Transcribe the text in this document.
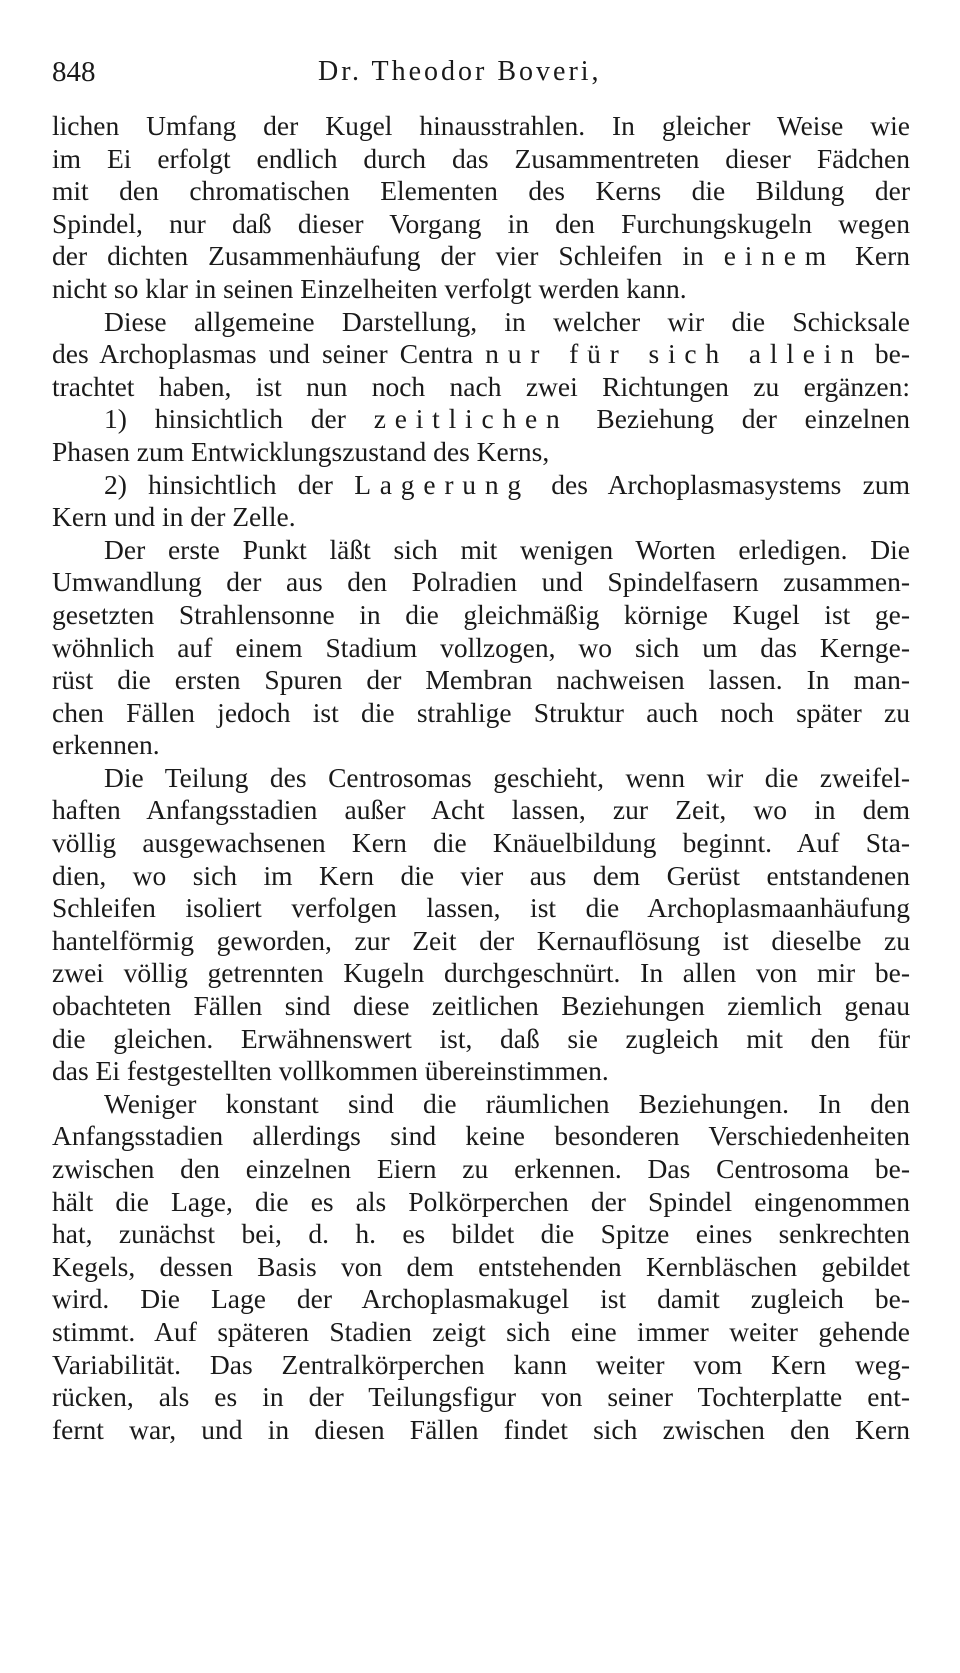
848	Dr. Theodor Boveri,
lichen Umfang der Kugel hinausstrahlen. In gleicher Weise wie
im Ei erfolgt endlich durch das Zusammentreten dieser Fädchen
mit den chromatischen Elementen des Kerns die Bildung der
Spindel, nur daß dieser Vorgang in den Furchungskugeln wegen
der dichten Zusammenhäufung der vier Schleifen in einem Kern
nicht so klar in seinen Einzelheiten verfolgt werden kann.
Diese allgemeine Darstellung, in welcher wir die Schicksale
des Archoplasmas und seiner Centra nur für sich allein be-
trachtet haben, ist nun noch nach zwei Richtungen zu ergänzen:
1) hinsichtlich der zeitlichen Beziehung der einzelnen
Phasen zum Entwicklungszustand des Kerns,
2) hinsichtlich der Lagerung des Archoplasmasystems zum
Kern und in der Zelle.
Der erste Punkt läßt sich mit wenigen Worten erledigen. Die
Umwandlung der aus den Polradien und Spindelfasern zusammen-
gesetzten Strahlensonne in die gleichmäßig körnige Kugel ist ge-
wöhnlich auf einem Stadium vollzogen, wo sich um das Kernge-
rüst die ersten Spuren der Membran nachweisen lassen. In man-
chen Fällen jedoch ist die strahlige Struktur auch noch später zu
erkennen.
Die Teilung des Centrosomas geschieht, wenn wir die zweifel-
haften Anfangsstadien außer Acht lassen, zur Zeit, wo in dem
völlig ausgewachsenen Kern die Knäuelbildung beginnt. Auf Sta-
dien, wo sich im Kern die vier aus dem Gerüst entstandenen
Schleifen isoliert verfolgen lassen, ist die Archoplasmaanhäufung
hantelförmig geworden, zur Zeit der Kernauflösung ist dieselbe zu
zwei völlig getrennten Kugeln durchgeschnürt. In allen von mir be-
obachteten Fällen sind diese zeitlichen Beziehungen ziemlich genau
die gleichen. Erwähnenswert ist, daß sie zugleich mit den für
das Ei festgestellten vollkommen übereinstimmen.
Weniger konstant sind die räumlichen Beziehungen. In den
Anfangsstadien allerdings sind keine besonderen Verschiedenheiten
zwischen den einzelnen Eiern zu erkennen. Das Centrosoma be-
hält die Lage, die es als Polkörperchen der Spindel eingenommen
hat, zunächst bei, d. h. es bildet die Spitze eines senkrechten
Kegels, dessen Basis von dem entstehenden Kernbläschen gebildet
wird. Die Lage der Archoplasmakugel ist damit zugleich be-
stimmt. Auf späteren Stadien zeigt sich eine immer weiter gehende
Variabilität. Das Zentralkörperchen kann weiter vom Kern weg-
rücken, als es in der Teilungsfigur von seiner Tochterplatte ent-
fernt war, und in diesen Fällen findet sich zwischen den Kern
